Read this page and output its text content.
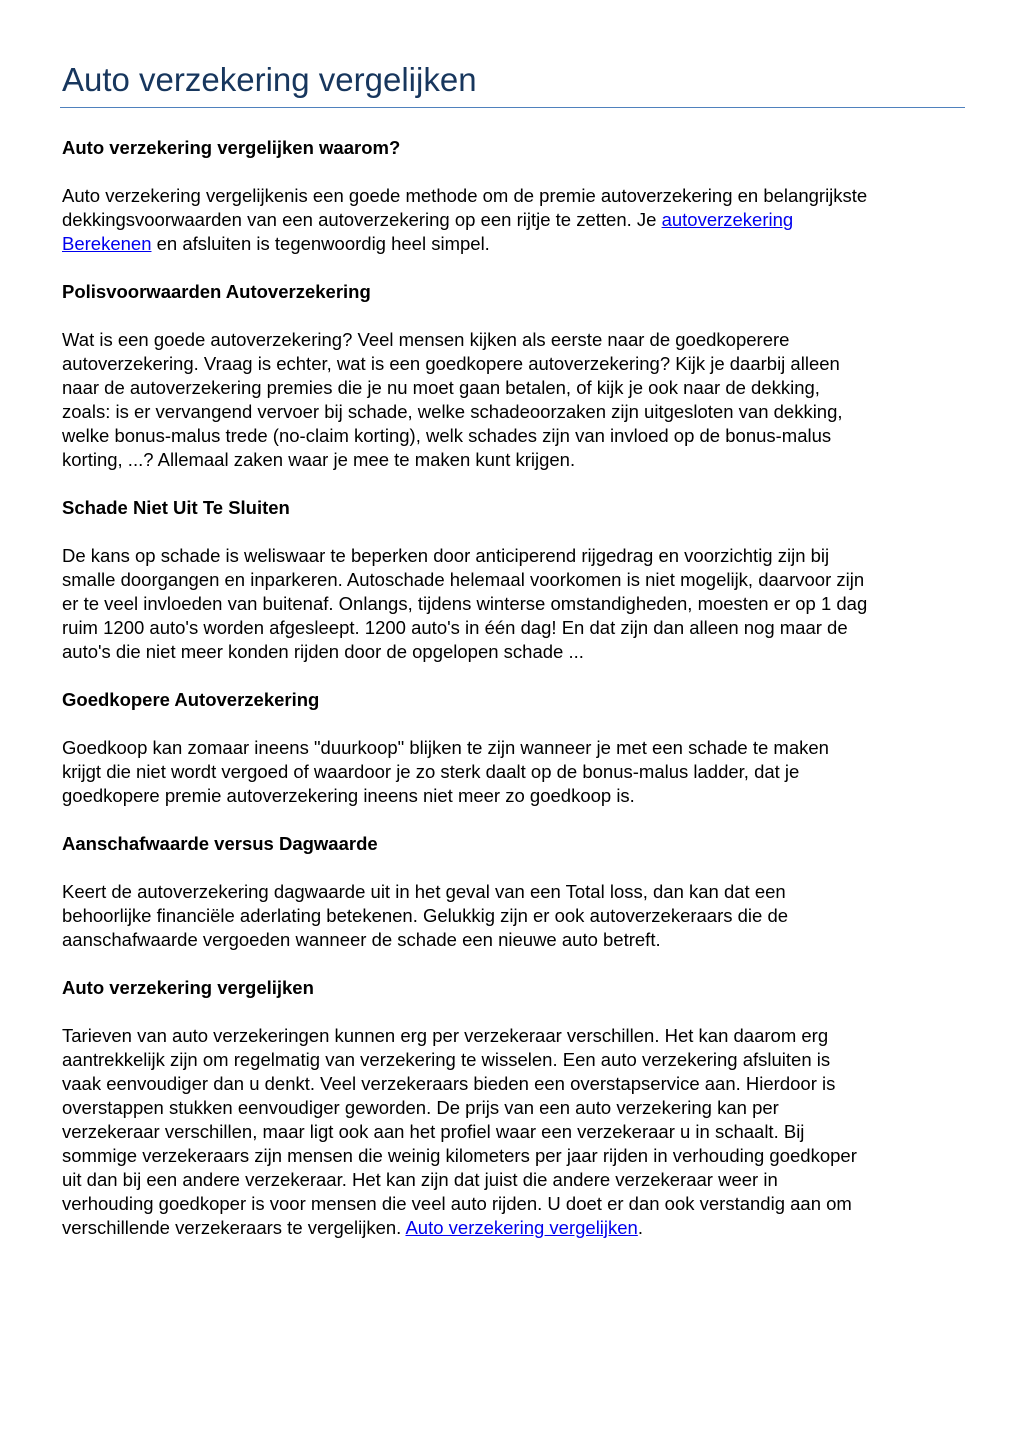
Auto verzekering vergelijken
Auto verzekering vergelijken waarom?

Auto verzekering vergelijkenis een goede methode om de premie autoverzekering en belangrijkste
dekkingsvoorwaarden van een autoverzekering op een rijtje te zetten. Je autoverzekering
Berekenen en afsluiten is tegenwoordig heel simpel.

Polisvoorwaarden Autoverzekering

Wat is een goede autoverzekering? Veel mensen kijken als eerste naar de goedkoperere
autoverzekering. Vraag is echter, wat is een goedkopere autoverzekering? Kijk je daarbij alleen
naar de autoverzekering premies die je nu moet gaan betalen, of kijk je ook naar de dekking,
zoals: is er vervangend vervoer bij schade, welke schadeoorzaken zijn uitgesloten van dekking,
welke bonus-malus trede (no-claim korting), welk schades zijn van invloed op de bonus-malus
korting, ...? Allemaal zaken waar je mee te maken kunt krijgen.

Schade Niet Uit Te Sluiten

De kans op schade is weliswaar te beperken door anticiperend rijgedrag en voorzichtig zijn bij
smalle doorgangen en inparkeren. Autoschade helemaal voorkomen is niet mogelijk, daarvoor zijn
er te veel invloeden van buitenaf. Onlangs, tijdens winterse omstandigheden, moesten er op 1 dag
ruim 1200 auto's worden afgesleept. 1200 auto's in één dag! En dat zijn dan alleen nog maar de
auto's die niet meer konden rijden door de opgelopen schade ...

Goedkopere Autoverzekering

Goedkoop kan zomaar ineens "duurkoop" blijken te zijn wanneer je met een schade te maken
krijgt die niet wordt vergoed of waardoor je zo sterk daalt op de bonus-malus ladder, dat je
goedkopere premie autoverzekering ineens niet meer zo goedkoop is.

Aanschafwaarde versus Dagwaarde

Keert de autoverzekering dagwaarde uit in het geval van een Total loss, dan kan dat een
behoorlijke financiële aderlating betekenen. Gelukkig zijn er ook autoverzekeraars die de
aanschafwaarde vergoeden wanneer de schade een nieuwe auto betreft.

Auto verzekering vergelijken

Tarieven van auto verzekeringen kunnen erg per verzekeraar verschillen. Het kan daarom erg
aantrekkelijk zijn om regelmatig van verzekering te wisselen. Een auto verzekering afsluiten is
vaak eenvoudiger dan u denkt. Veel verzekeraars bieden een overstapservice aan. Hierdoor is
overstappen stukken eenvoudiger geworden. De prijs van een auto verzekering kan per
verzekeraar verschillen, maar ligt ook aan het profiel waar een verzekeraar u in schaalt. Bij
sommige verzekeraars zijn mensen die weinig kilometers per jaar rijden in verhouding goedkoper
uit dan bij een andere verzekeraar. Het kan zijn dat juist die andere verzekeraar weer in
verhouding goedkoper is voor mensen die veel auto rijden. U doet er dan ook verstandig aan om
verschillende verzekeraars te vergelijken. Auto verzekering vergelijken.
